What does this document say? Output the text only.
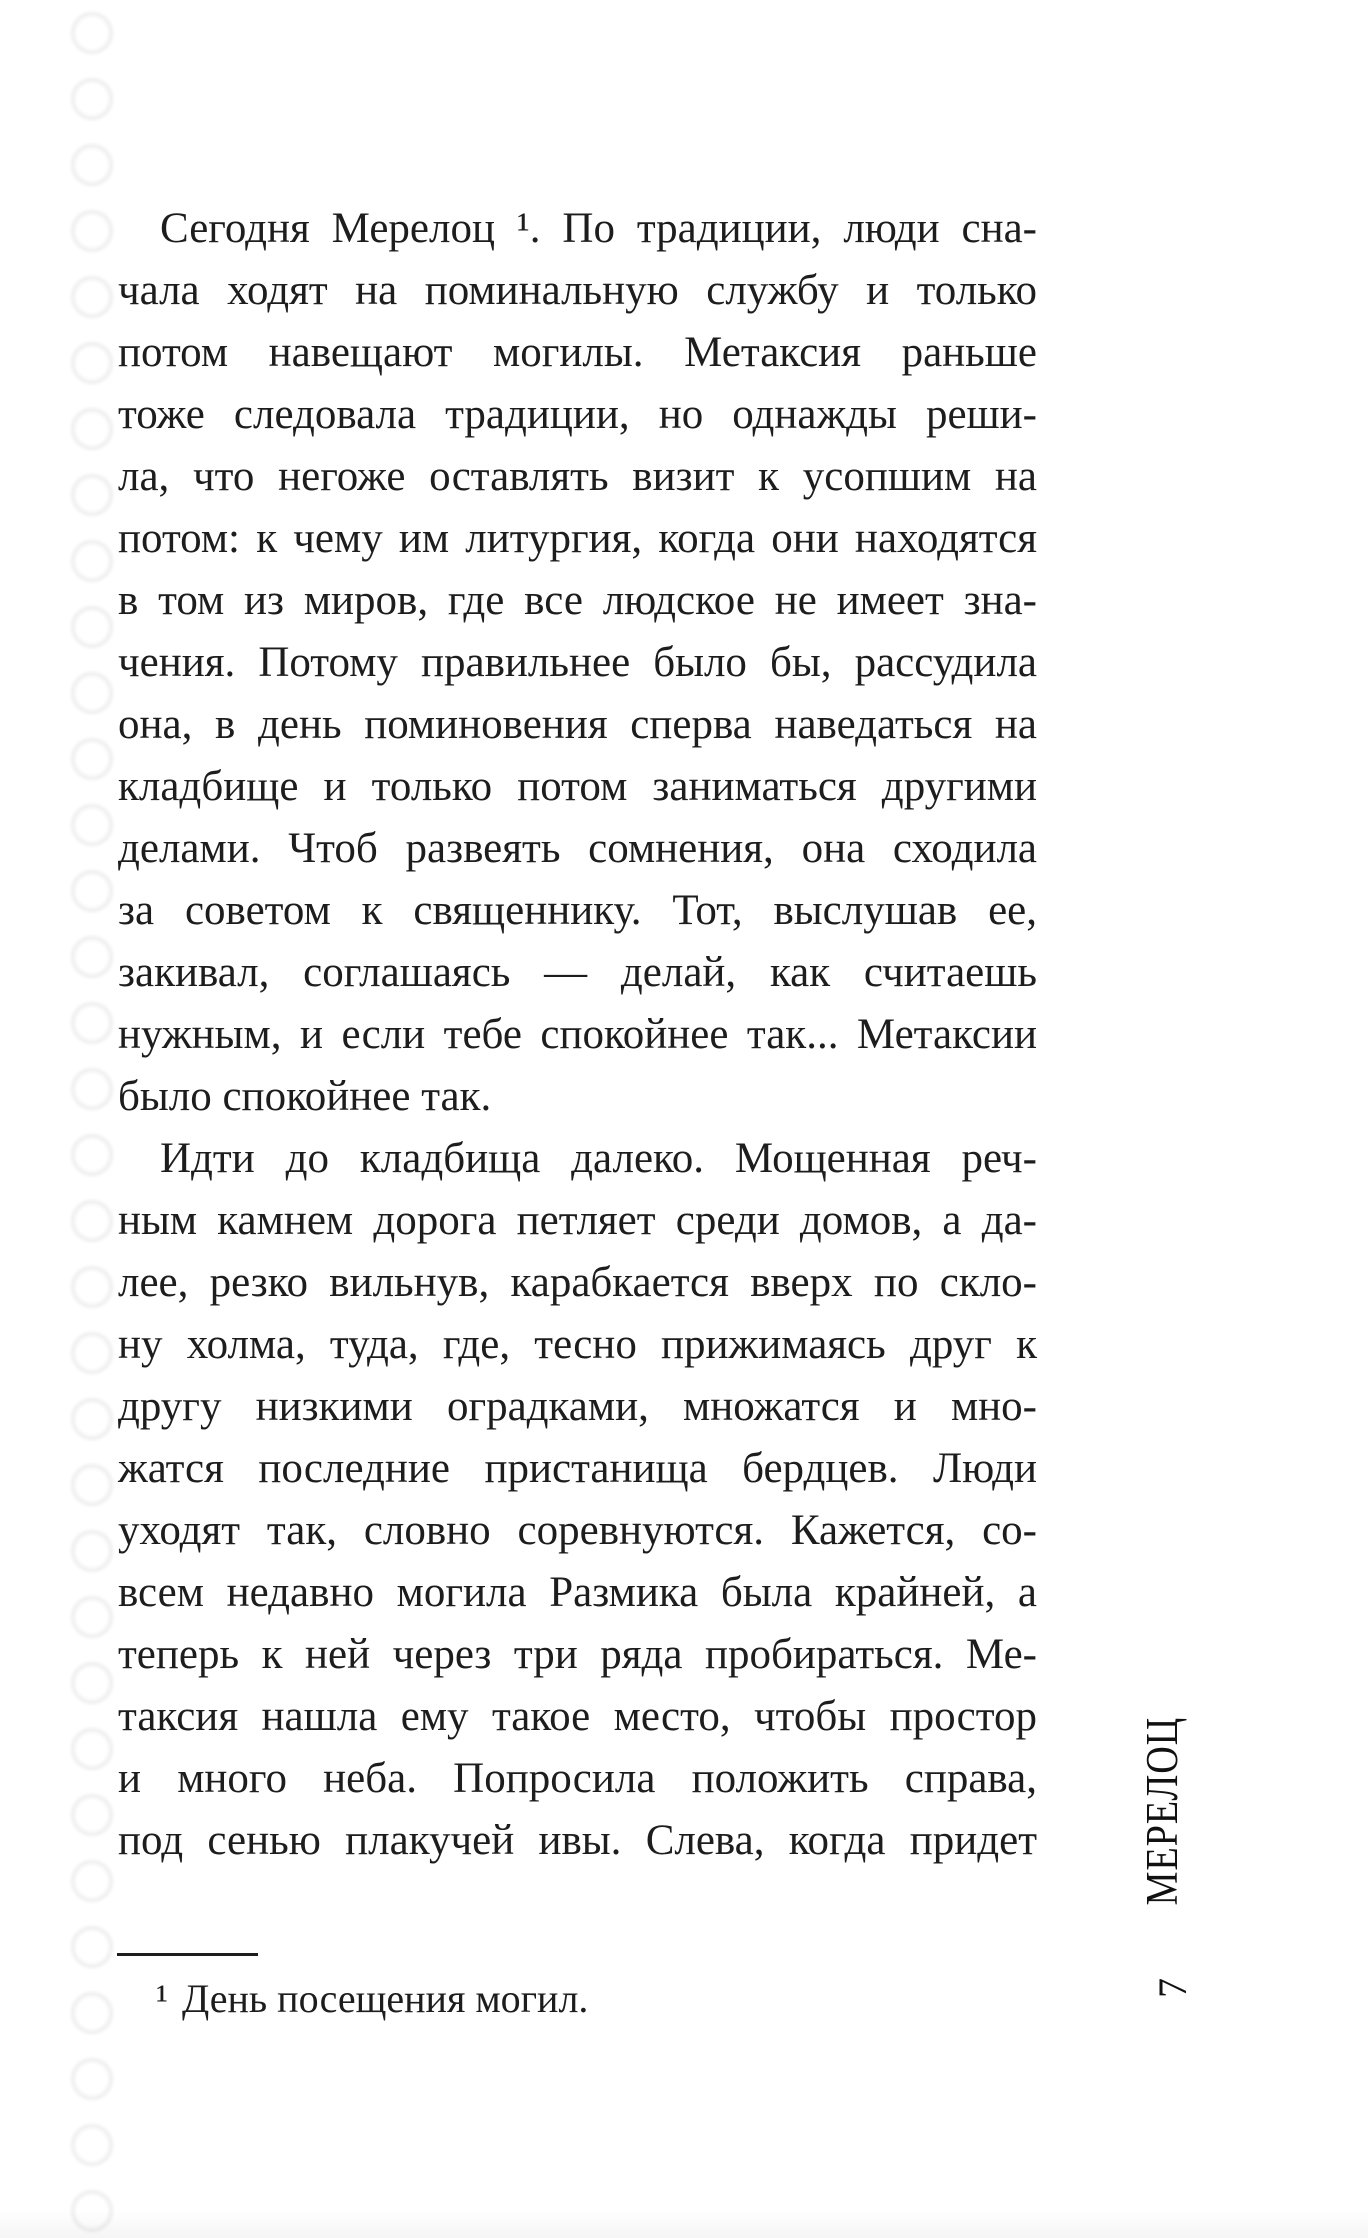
Сегодня Мерелоц ¹. По традиции, люди сна-
чала ходят на поминальную службу и только
потом навещают могилы. Метаксия раньше
тоже следовала традиции, но однажды реши-
ла, что негоже оставлять визит к усопшим на
потом: к чему им литургия, когда они находятся
в том из миров, где все людское не имеет зна-
чения. Потому правильнее было бы, рассудила
она, в день поминовения сперва наведаться на
кладбище и только потом заниматься другими
делами. Чтоб развеять сомнения, она сходила
за советом к священнику. Тот, выслушав ее,
закивал, соглашаясь — делай, как считаешь
нужным, и если тебе спокойнее так... Метаксии
было спокойнее так.
Идти до кладбища далеко. Мощенная реч-
ным камнем дорога петляет среди домов, а да-
лее, резко вильнув, карабкается вверх по скло-
ну холма, туда, где, тесно прижимаясь друг к
другу низкими оградками, множатся и мно-
жатся последние пристанища бердцев. Люди
уходят так, словно соревнуются. Кажется, со-
всем недавно могила Размика была крайней, а
теперь к ней через три ряда пробираться. Ме-
таксия нашла ему такое место, чтобы простор
и много неба. Попросила положить справа,
под сенью плакучей ивы. Слева, когда придет
¹ День посещения могил.
МЕРЕЛОЦ
7
